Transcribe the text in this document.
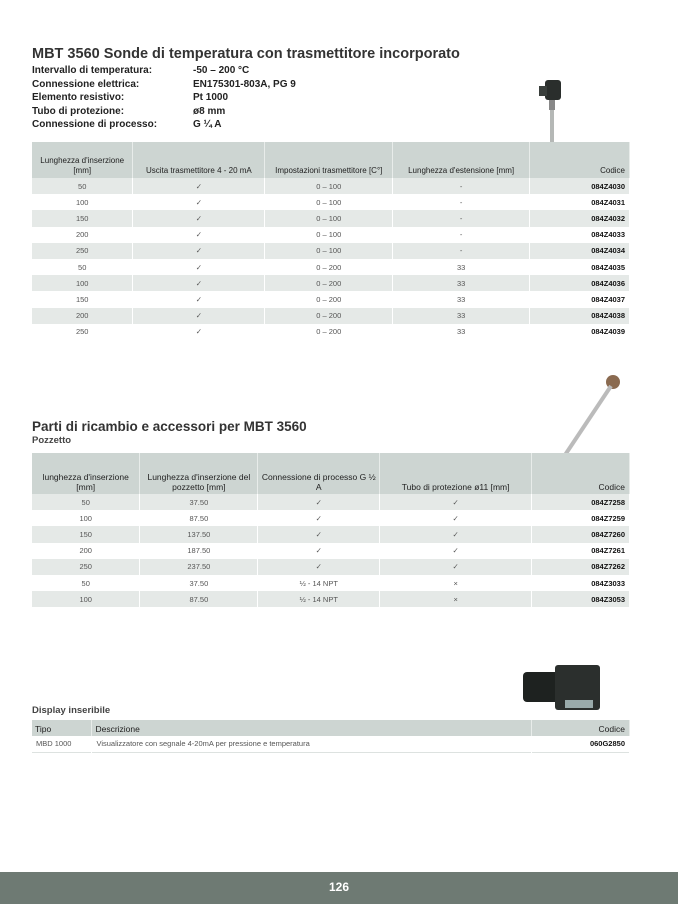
MBT 3560 Sonde di temperatura con trasmettitore incorporato
Intervallo di temperatura:	-50 – 200 °C
Connessione elettrica:	EN175301-803A, PG 9
Elemento resistivo:	Pt 1000
Tubo di protezione:	ø8 mm
Connessione di processo:	G ¼ A
Lunghezza d'inserzione [mm]	Uscita trasmettitore 4 - 20 mA	Impostazioni trasmettitore [C°]	Lunghezza d'estensione [mm]	Codice
50	✓	0 – 100	-	084Z4030
100	✓	0 – 100	-	084Z4031
150	✓	0 – 100	-	084Z4032
200	✓	0 – 100	-	084Z4033
250	✓	0 – 100	-	084Z4034
50	✓	0 – 200	33	084Z4035
100	✓	0 – 200	33	084Z4036
150	✓	0 – 200	33	084Z4037
200	✓	0 – 200	33	084Z4038
250	✓	0 – 200	33	084Z4039
Parti di ricambio e accessori per MBT 3560
Pozzetto
lunghezza d'inserzione [mm]	Lunghezza d'inserzione del pozzetto [mm]	Connessione di processo G ½ A	Tubo di protezione ø11 [mm]	Codice
50	37.50	✓	✓	084Z7258
100	87.50	✓	✓	084Z7259
150	137.50	✓	✓	084Z7260
200	187.50	✓	✓	084Z7261
250	237.50	✓	✓	084Z7262
50	37.50	½ - 14 NPT	×	084Z3033
100	87.50	½ - 14 NPT	×	084Z3053
Display inseribile
Tipo	Descrizione	Codice
MBD 1000	Visualizzatore con segnale 4-20mA per pressione e temperatura	060G2850
126
